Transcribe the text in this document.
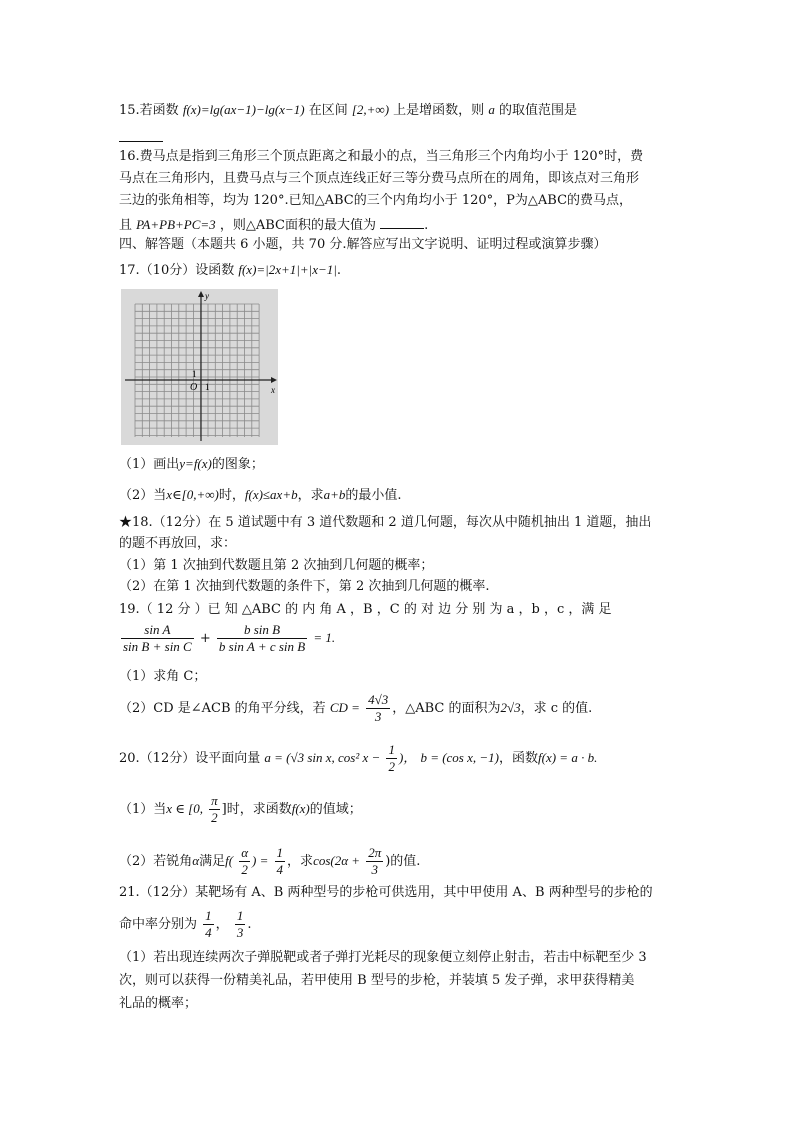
15.若函数 f(x)=lg(ax−1)−lg(x−1) 在区间 [2,+∞) 上是增函数，则 a 的取值范围是
16.费马点是指到三角形三个顶点距离之和最小的点，当三角形三个内角均小于 120°时，费
马点在三角形内，且费马点与三个顶点连线正好三等分费马点所在的周角，即该点对三角形
三边的张角相等，均为 120°.已知△ABC的三个内角均小于 120°，P为△ABC的费马点，
且 PA+PB+PC=3 ，则△ABC面积的最大值为	.
四、解答题（本题共 6 小题，共 70 分.解答应写出文字说明、证明过程或演算步骤）
17.（10分）设函数 f(x)=|2x+1|+|x−1|.
x
y
O 1
1
（1）画出y=f(x)的图象；
（2）当x∈[0,+∞)时，f(x)≤ax+b，求a+b的最小值.
★18.（12分）在 5 道试题中有 3 道代数题和 2 道几何题，每次从中随机抽出 1 道题，抽出
的题不再放回，求：
（1）第 1 次抽到代数题且第 2 次抽到几何题的概率；
（2）在第 1 次抽到代数题的条件下，第 2 次抽到几何题的概率.
19.（ 12 分 ）已 知 △ABC 的 内 角 A ，B ，C 的 对 边 分 别 为 a ，b ，c ，满 足
$\frac{\text{sin A}}{\text{sin B + sin C}} + \frac{\text{b sin B}}{\text{b sin A + c sin B}} = 1$.
（1）求角 C；
（2）CD 是∠ACB 的角平分线，若 CD = $\frac{4√3}{3}$ ，△ABC 的面积为2√3，求 c 的值.
20.（12分）设平面向量 a = (√3 sin x, cos² $x - \frac{1}{2}$ )， b = (cos x, −1)，函数f(x) = a · b.
（1）当x ∈ [0, $\frac{\pi}{2}$ ]时，求函数f(x)的值域；
（2）若锐角α满足$f( \frac{\alpha}{2}$ ) = $\frac{1}{4}$ ，求$\cos(2\alpha + \frac{2\pi}{3}$ )的值.
21.（12分）某靶场有 A、B 两种型号的步枪可供选用，其中甲使用 A、B 两种型号的步枪的
命中率分别为 $\frac{1}{4}$ ， $\frac{1}{3}$ .
（1）若出现连续两次子弹脱靶或者子弹打光耗尽的现象便立刻停止射击，若击中标靶至少 3
次，则可以获得一份精美礼品，若甲使用 B 型号的步枪，并装填 5 发子弹，求甲获得精美
礼品的概率；
